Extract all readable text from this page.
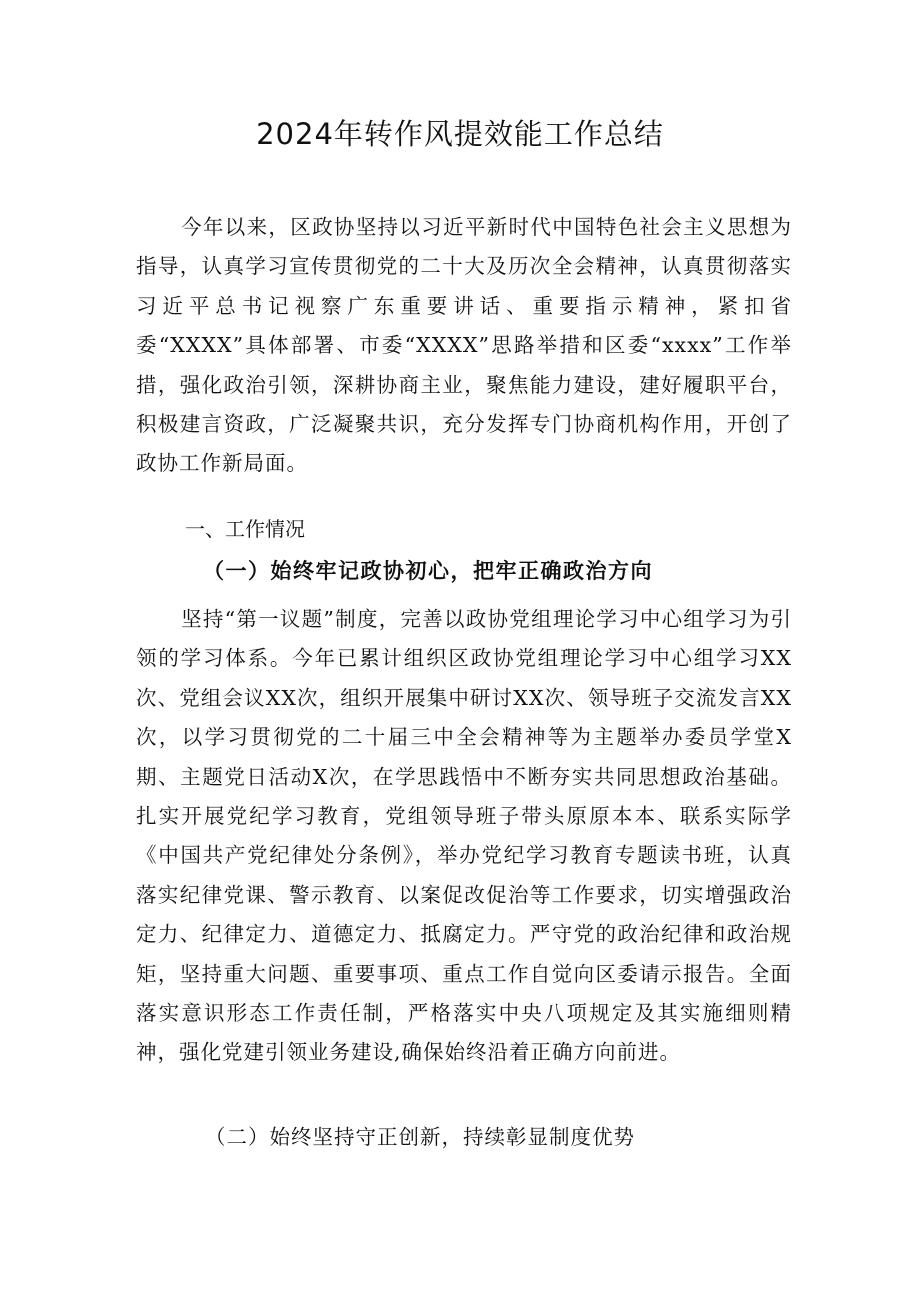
2024年转作风提效能工作总结

今年以来，区政协坚持以习近平新时代中国特色社会主义思想为指导，认真学习宣传贯彻党的二十大及历次全会精神，认真贯彻落实习近平总书记视察广东重要讲话、重要指示精神，紧扣省委“XXXX”具体部署、市委“XXXX”思路举措和区委“xxxx”工作举措，强化政治引领，深耕协商主业，聚焦能力建设，建好履职平台，积极建言资政，广泛凝聚共识，充分发挥专门协商机构作用，开创了政协工作新局面。

一、工作情况
（一）始终牢记政协初心，把牢正确政治方向

坚持“第一议题”制度，完善以政协党组理论学习中心组学习为引领的学习体系。今年已累计组织区政协党组理论学习中心组学习XX次、党组会议XX次，组织开展集中研讨XX次、领导班子交流发言XX次，以学习贯彻党的二十届三中全会精神等为主题举办委员学堂X期、主题党日活动X次，在学思践悟中不断夯实共同思想政治基础。扎实开展党纪学习教育，党组领导班子带头原原本本、联系实际学《中国共产党纪律处分条例》，举办党纪学习教育专题读书班，认真落实纪律党课、警示教育、以案促改促治等工作要求，切实增强政治定力、纪律定力、道德定力、抵腐定力。严守党的政治纪律和政治规矩，坚持重大问题、重要事项、重点工作自觉向区委请示报告。全面落实意识形态工作责任制，严格落实中央八项规定及其实施细则精神，强化党建引领业务建设,确保始终沿着正确方向前进。

（二）始终坚持守正创新，持续彰显制度优势
